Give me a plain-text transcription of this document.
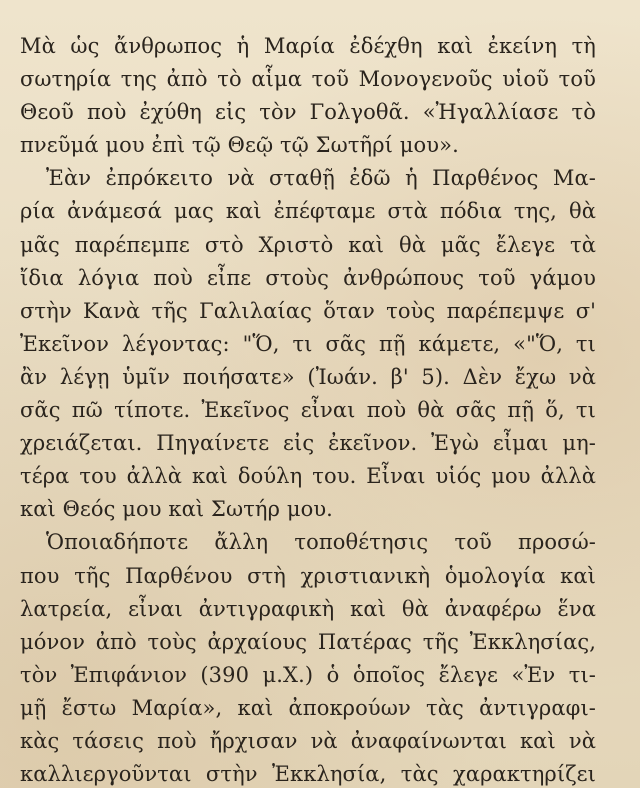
Μὰ ὡς ἄνθρωπος ἡ Μαρία ἐδέχθη καὶ ἐκείνη τὴ
σωτηρία της ἀπὸ τὸ αἷμα τοῦ Μονογενοῦς υἱοῦ τοῦ
Θεοῦ ποὺ ἐχύθη εἰς τὸν Γολγοθᾶ. «Ἠγαλλίασε τὸ
πνεῦμά μου ἐπὶ τῷ Θεῷ τῷ Σωτῆρί μου».
Ἐὰν ἐπρόκειτο νὰ σταθῇ ἐδῶ ἡ Παρθένος Μα-
ρία ἀνάμεσά μας καὶ ἐπέφταμε στὰ πόδια της, θὰ
μᾶς παρέπεμπε στὸ Χριστὸ καὶ θὰ μᾶς ἔλεγε τὰ
ἴδια λόγια ποὺ εἶπε στοὺς ἀνθρώπους τοῦ γάμου
στὴν Κανὰ τῆς Γαλιλαίας ὅταν τοὺς παρέπεμψε σ'
Ἐκεῖνον λέγοντας: "Ὅ, τι σᾶς πῇ κάμετε, «"Ὅ, τι
ἂν λέγῃ ὑμῖν ποιήσατε» (Ἰωάν. β' 5). Δὲν ἔχω νὰ
σᾶς πῶ τίποτε. Ἐκεῖνος εἶναι ποὺ θὰ σᾶς πῇ ὅ, τι
χρειάζεται. Πηγαίνετε εἰς ἐκεῖνον. Ἐγὼ εἶμαι μη-
τέρα του ἀλλὰ καὶ δούλη του. Εἶναι υἱός μου ἀλλὰ
καὶ Θεός μου καὶ Σωτήρ μου.
Ὁποιαδήποτε ἄλλη τοποθέτησις τοῦ προσώ-
που τῆς Παρθένου στὴ χριστιανικὴ ὁμολογία καὶ
λατρεία, εἶναι ἀντιγραφικὴ καὶ θὰ ἀναφέρω ἕνα
μόνον ἀπὸ τοὺς ἀρχαίους Πατέρας τῆς Ἐκκλησίας,
τὸν Ἐπιφάνιον (390 μ.Χ.) ὁ ὁποῖος ἔλεγε «Ἐν τι-
μῇ ἔστω Μαρία», καὶ ἀποκρούων τὰς ἀντιγραφι-
κὰς τάσεις ποὺ ἤρχισαν νὰ ἀναφαίνωνται καὶ νὰ
καλλιεργοῦνται στὴν Ἐκκλησία, τὰς χαρακτηρίζει
